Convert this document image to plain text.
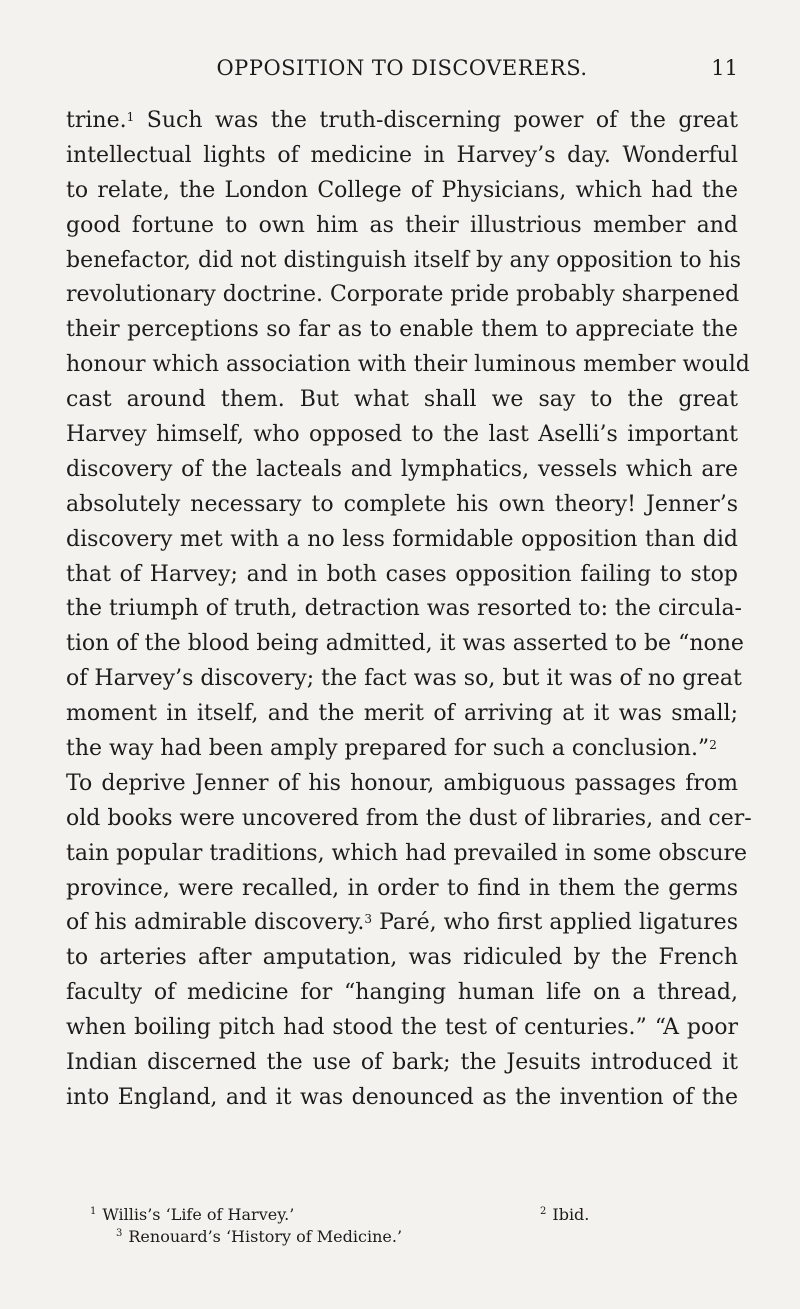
OPPOSITION TO DISCOVERERS.	11
trine.$^1$ Such was the truth-discerning power of the great
intellectual lights of medicine in Harvey’s day. Wonderful
to relate, the London College of Physicians, which had the
good fortune to own him as their illustrious member and
benefactor, did not distinguish itself by any opposition to his
revolutionary doctrine. Corporate pride probably sharpened
their perceptions so far as to enable them to appreciate the
honour which association with their luminous member would
cast around them. But what shall we say to the great
Harvey himself, who opposed to the last Aselli’s important
discovery of the lacteals and lymphatics, vessels which are
absolutely necessary to complete his own theory! Jenner’s
discovery met with a no less formidable opposition than did
that of Harvey; and in both cases opposition failing to stop
the triumph of truth, detraction was resorted to: the circula-
tion of the blood being admitted, it was asserted to be “none
of Harvey’s discovery; the fact was so, but it was of no great
moment in itself, and the merit of arriving at it was small;
the way had been amply prepared for such a conclusion.”$^2$
To deprive Jenner of his honour, ambiguous passages from
old books were uncovered from the dust of libraries, and cer-
tain popular traditions, which had prevailed in some obscure
province, were recalled, in order to find in them the germs
of his admirable discovery.$^3$ Paré, who first applied ligatures
to arteries after amputation, was ridiculed by the French
faculty of medicine for “hanging human life on a thread,
when boiling pitch had stood the test of centuries.” “A poor
Indian discerned the use of bark; the Jesuits introduced it
into England, and it was denounced as the invention of the
$^1$ Willis’s ‘Life of Harvey.’	$^2$ Ibid.
$^3$ Renouard’s ‘History of Medicine.’
